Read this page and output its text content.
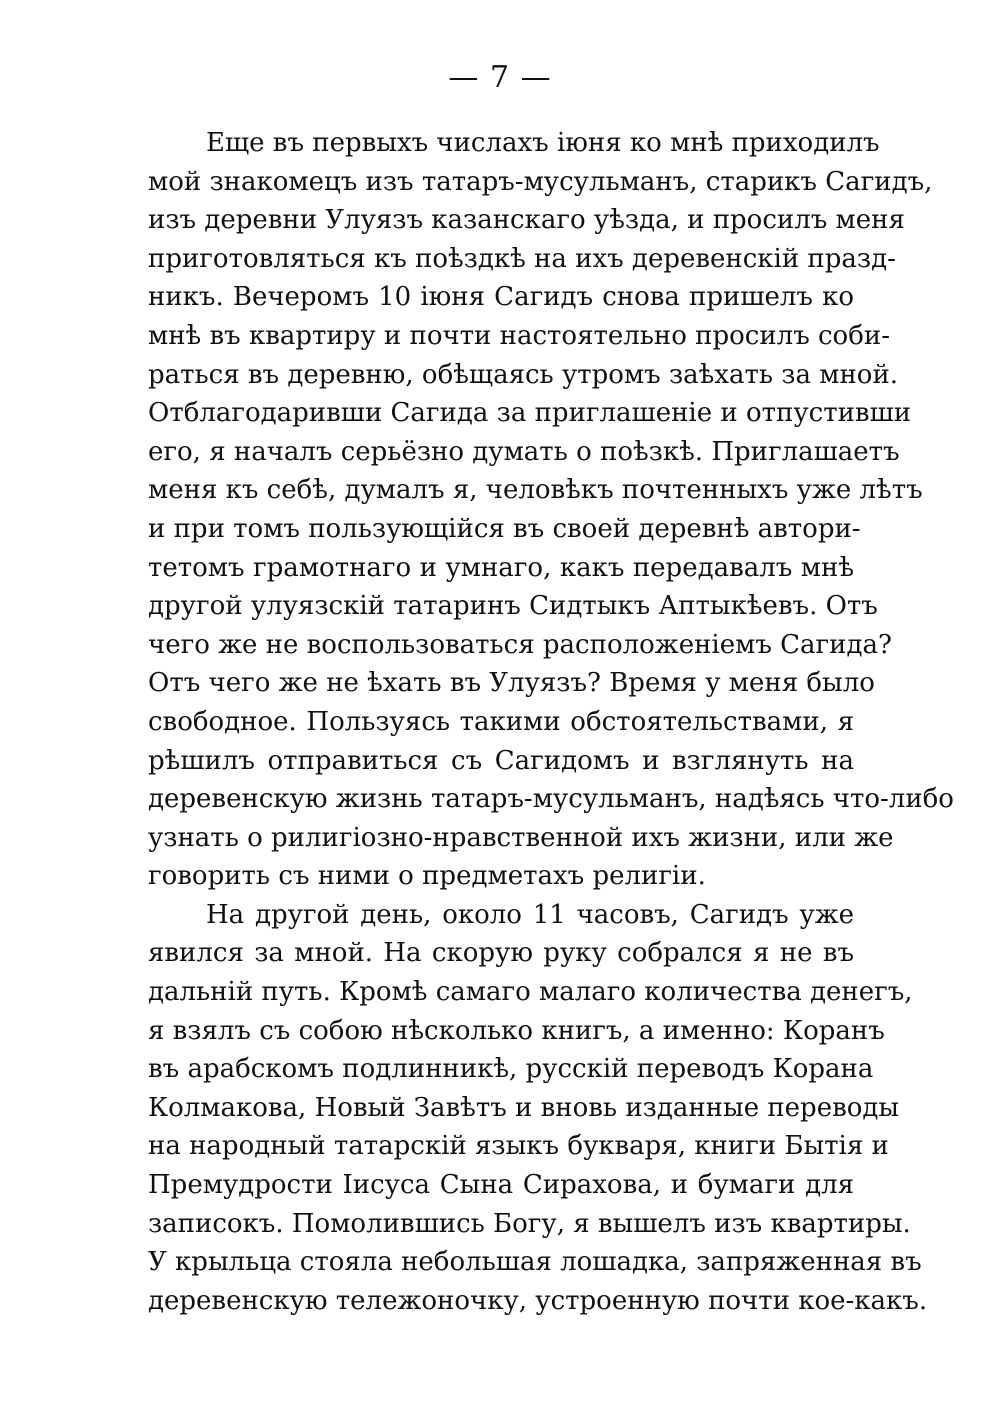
— 7 —
Еще въ первыхъ числахъ іюня ко мнѣ приходилъ
мой знакомецъ изъ татаръ-мусульманъ, старикъ Сагидъ,
изъ деревни Улуязъ казанскаго уѣзда, и просилъ меня
приготовляться къ поѣздкѣ на ихъ деревенскій празд-
никъ. Вечеромъ 10 іюня Сагидъ снова пришелъ ко
мнѣ въ квартиру и почти настоятельно просилъ соби-
раться въ деревню, обѣщаясь утромъ заѣхать за мной.
Отблагодаривши Сагида за приглашеніе и отпустивши
его, я началъ серьёзно думать о поѣзкѣ. Приглашаетъ
меня къ себѣ, думалъ я, человѣкъ почтенныхъ уже лѣтъ
и при томъ пользующійся въ своей деревнѣ автори-
тетомъ грамотнаго и умнаго, какъ передавалъ мнѣ
другой улуязскій татаринъ Сидтыкъ Аптыкѣевъ. Отъ
чего же не воспользоваться расположеніемъ Сагида?
Отъ чего же не ѣхать въ Улуязъ? Время у меня было
свободное. Пользуясь такими обстоятельствами, я
рѣшилъ отправиться съ Сагидомъ и взглянуть на
деревенскую жизнь татаръ-мусульманъ, надѣясь что-либо
узнать о рилигіозно-нравственной ихъ жизни, или же
говорить съ ними о предметахъ религіи.
На другой день, около 11 часовъ, Сагидъ уже
явился за мной. На скорую руку собрался я не въ
дальній путь. Кромѣ самаго малаго количества денегъ,
я взялъ съ собою нѣсколько книгъ, а именно: Коранъ
въ арабскомъ подлинникѣ, русскій переводъ Корана
Колмакова, Новый Завѣтъ и вновь изданные переводы
на народный татарскій языкъ букваря, книги Бытія и
Премудрости Іисуса Сына Сирахова, и бумаги для
записокъ. Помолившись Богу, я вышелъ изъ квартиры.
У крыльца стояла небольшая лошадка, запряженная въ
деревенскую тележоночку, устроенную почти кое-какъ.
